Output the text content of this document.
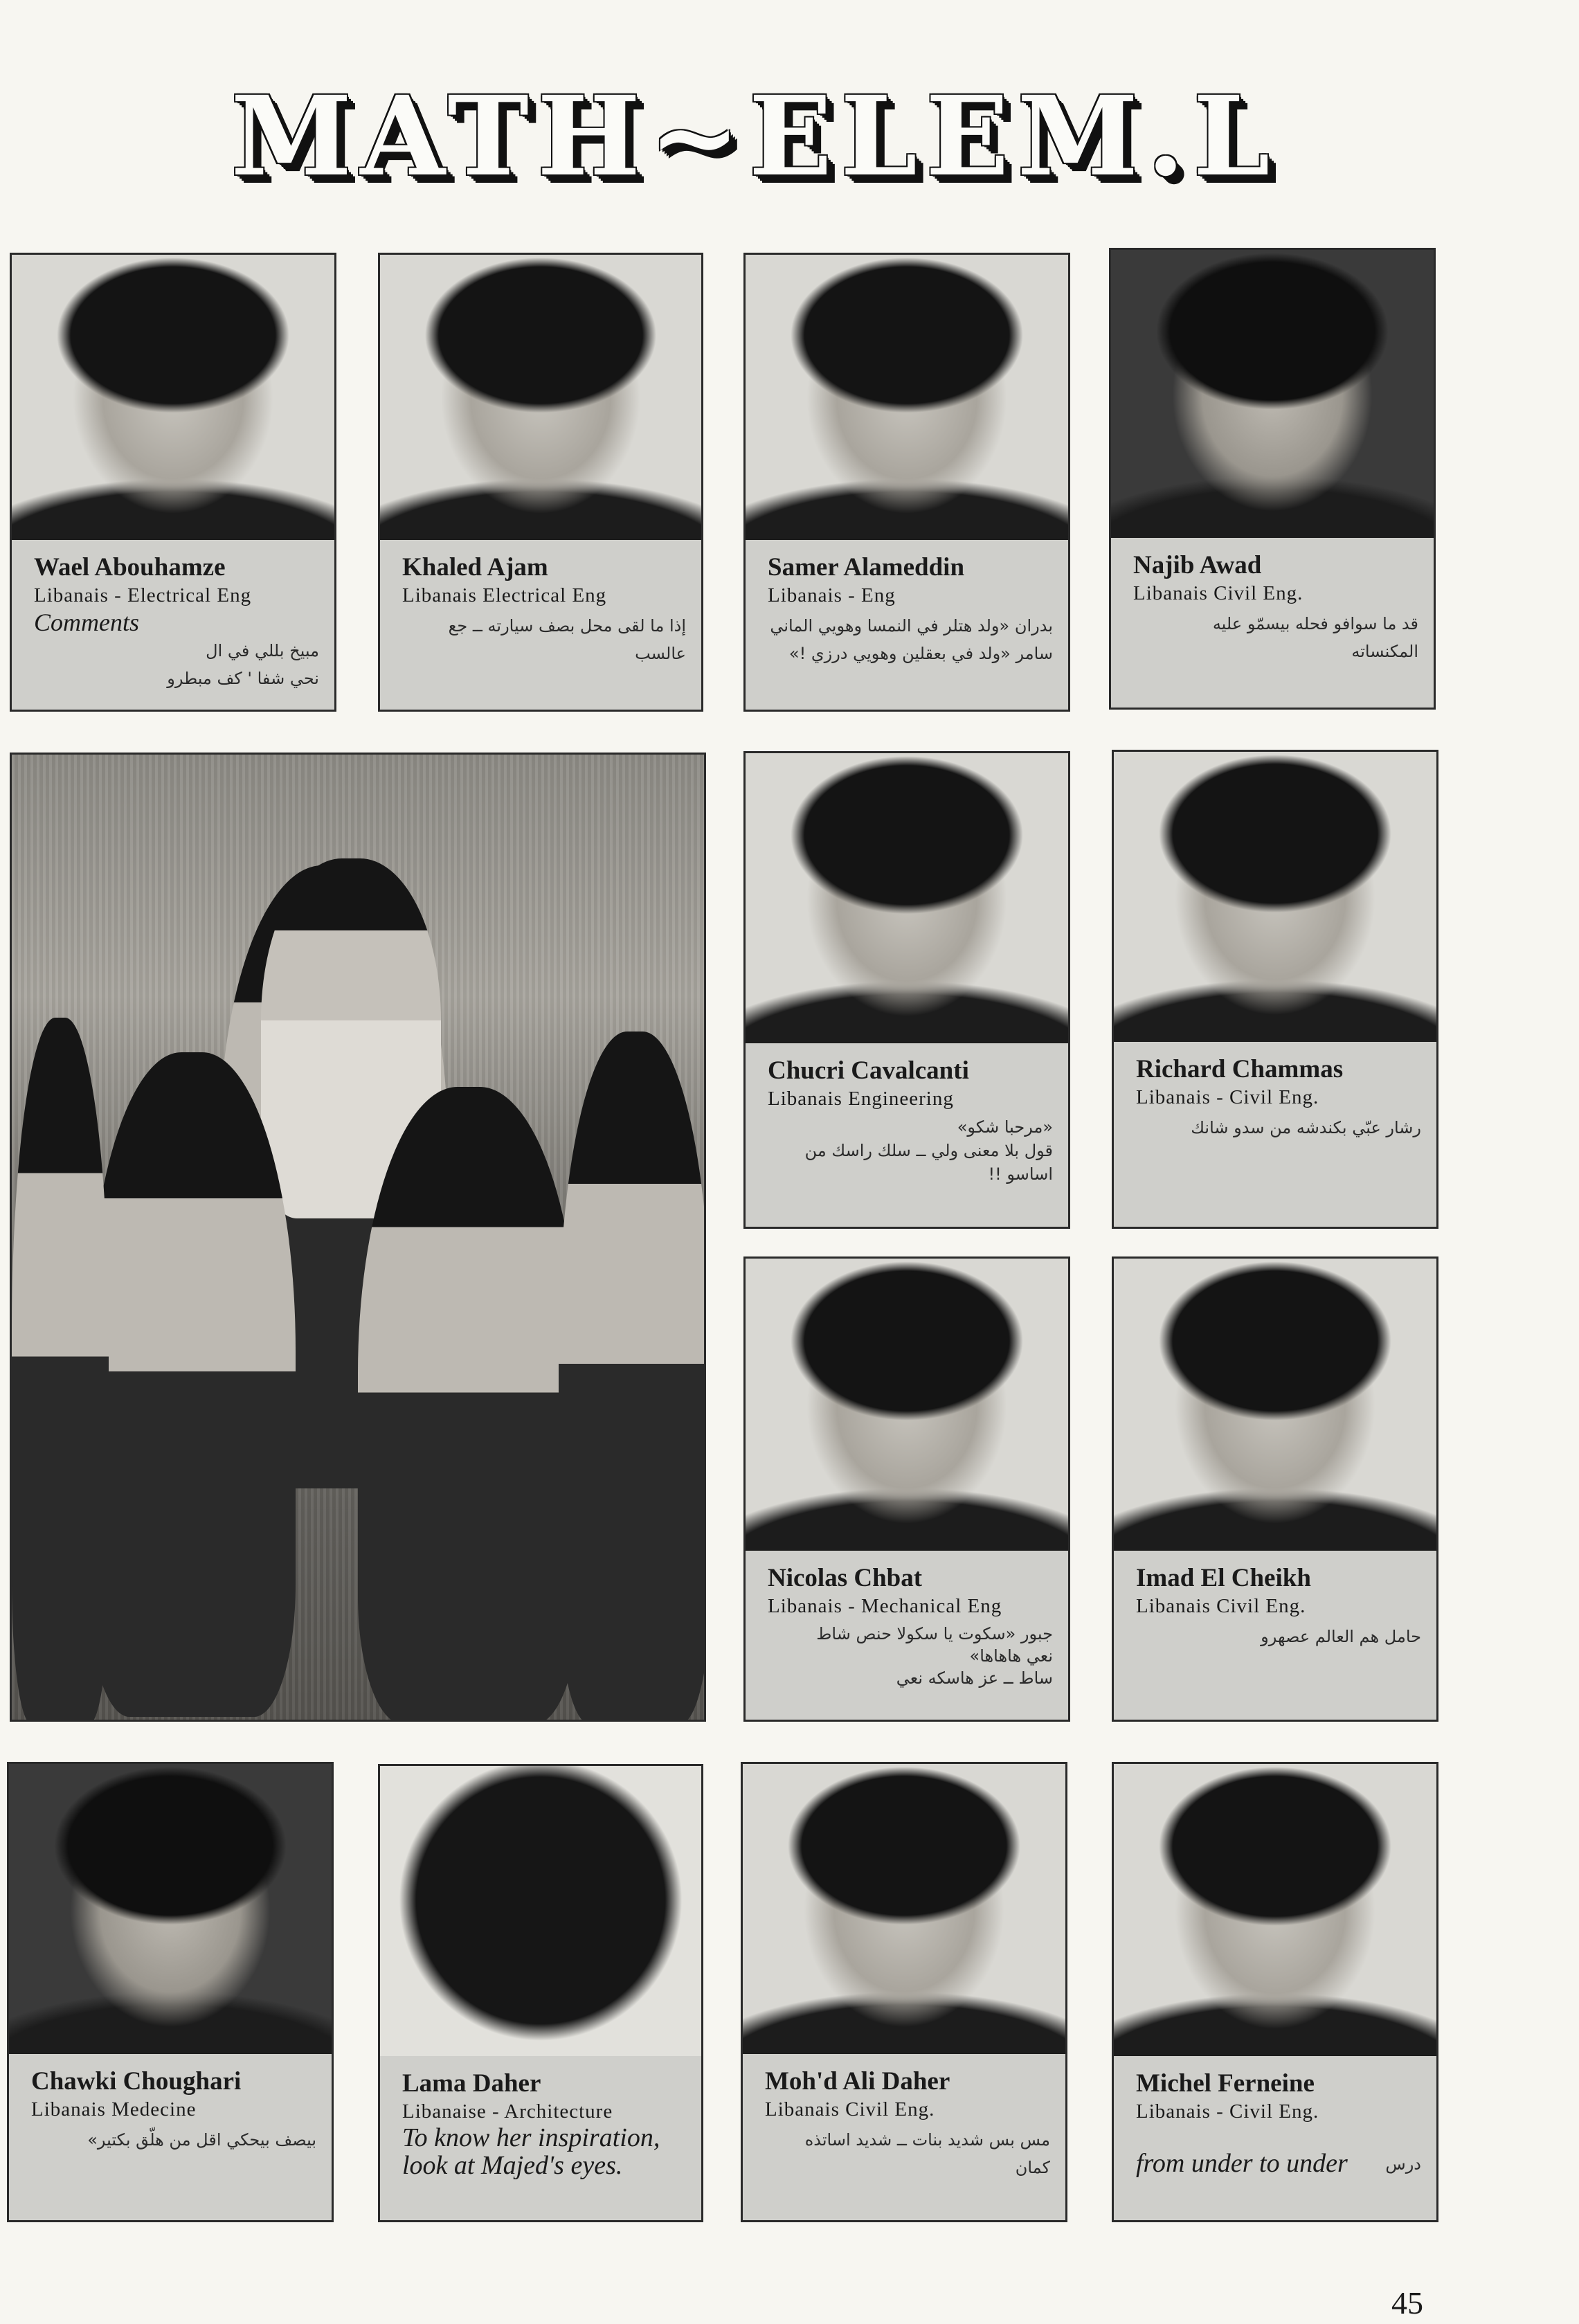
MATH~ELEM.L
Wael Abouhamze
Libanais - Electrical Eng
Comments
مبيخ بللي في ال
نحي شفا ' كف مبطرو
Khaled Ajam
Libanais Electrical Eng
إذا ما لقى محل بصف سيارته ــ جع
عالسب
Samer Alameddin
Libanais - Eng
بدران «ولد هتلر في النمسا وهويي الماني
سامر «ولد في بعقلين وهويي درزي !»
Najib Awad
Libanais Civil Eng.
قد ما سوافو فحله بيسمّو عليه
المكنساته
Chucri Cavalcanti
Libanais Engineering
«مرحبا شكو»
قول بلا معنى ولي ــ سلك راسك من
اساسو !!
Richard Chammas
Libanais - Civil Eng.
رشار عبّي بكندشه من سدو شانك
Nicolas Chbat
Libanais - Mechanical Eng
جبور «سكوت يا سكولا حنص شاط
نعي هاهاها»
ساط ــ عز هاسكه نعي
Imad El Cheikh
Libanais Civil Eng.
حامل هم العالم عصهرو
Chawki Choughari
Libanais Medecine
بيصف بيحكي اقل من هلّق بكتير»
Lama Daher
Libanaise - Architecture
To know her inspiration, look at Majed's eyes.
Moh'd Ali Daher
Libanais Civil Eng.
مس بس شديد بنات ــ شديد اساتذه
كمان
Michel Ferneine
Libanais - Civil Eng.
from under to under درس
45
